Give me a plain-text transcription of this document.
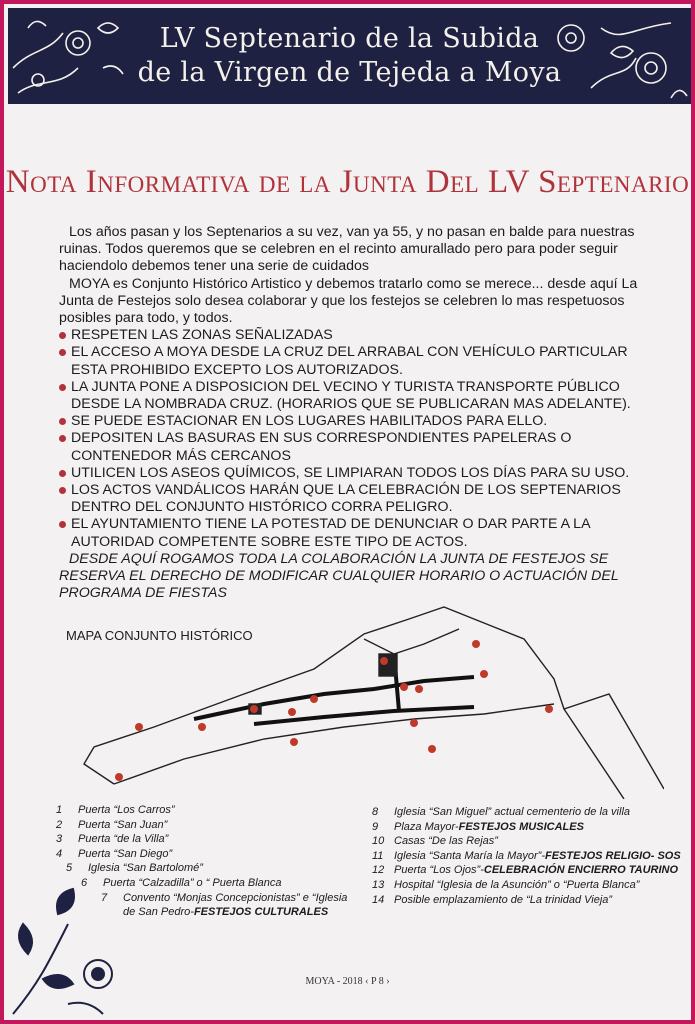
LV Septenario de la Subida
de la Virgen de Tejeda a Moya
Nota Informativa de la Junta Del LV Septenario

Los años pasan y los Septenarios a su vez, van ya 55, y no pasan en balde para nuestras ruinas. Todos queremos que se celebren en el recinto amurallado pero para poder seguir haciendolo debemos tener una serie de cuidados

MOYA es Conjunto Histórico Artistico y debemos tratarlo como se merece... desde aquí La Junta de Festejos solo desea colaborar y que los festejos se celebren lo mas respetuosos posibles para todo, y todos.

RESPETEN LAS ZONAS SEÑALIZADAS

EL ACCESO A MOYA DESDE LA CRUZ DEL ARRABAL CON VEHÍCULO PARTICULAR ESTA PROHIBIDO EXCEPTO LOS AUTORIZADOS.

LA JUNTA PONE A DISPOSICION DEL VECINO Y TURISTA TRANSPORTE PÚBLICO DESDE LA NOMBRADA CRUZ. (HORARIOS QUE SE PUBLICARAN MAS ADELANTE).

SE PUEDE ESTACIONAR EN LOS LUGARES HABILITADOS PARA ELLO.

DEPOSITEN LAS BASURAS EN SUS CORRESPONDIENTES PAPELERAS O CONTENEDOR MÁS CERCANOS

UTILICEN LOS ASEOS QUÍMICOS, SE LIMPIARAN TODOS LOS DÍAS PARA SU USO.

LOS ACTOS VANDÁLICOS HARÁN QUE LA CELEBRACIÓN DE LOS SEPTENARIOS DENTRO DEL CONJUNTO HISTÓRICO CORRA PELIGRO.

EL AYUNTAMIENTO TIENE LA POTESTAD DE DENUNCIAR O DAR PARTE A LA AUTORIDAD COMPETENTE SOBRE ESTE TIPO DE ACTOS.

DESDE AQUÍ ROGAMOS TODA LA COLABORACIÓN LA JUNTA DE FESTEJOS SE RESERVA EL DERECHO DE MODIFICAR CUALQUIER HORARIO O ACTUACIÓN DEL PROGRAMA DE FIESTAS

MAPA CONJUNTO HISTÓRICO
1 Puerta “Los Carros”
2 Puerta “San Juan”
3 Puerta “de la Villa”
4 Puerta “San Diego”
5 Iglesia “San Bartolomé”
6 Puerta “Calzadilla” o “ Puerta Blanca
7 Convento “Monjas Concepcionistas” e “Iglesia
de San Pedro-FESTEJOS CULTURALES
8 Iglesia “San Miguel” actual cementerio de la villa
9 Plaza Mayor-FESTEJOS MUSICALES
10 Casas “De las Rejas”
11 Iglesia “Santa María la Mayor”-FESTEJOS RELIGIO- SOS
12 Puerta “Los Ojos”-CELEBRACIÓN ENCIERRO TAURINO
13 Hospital “Iglesia de la Asunción” o “Puerta Blanca”
14 Posible emplazamiento de “La trinidad Vieja”
MOYA - 2018 ‹ P 8 ›
